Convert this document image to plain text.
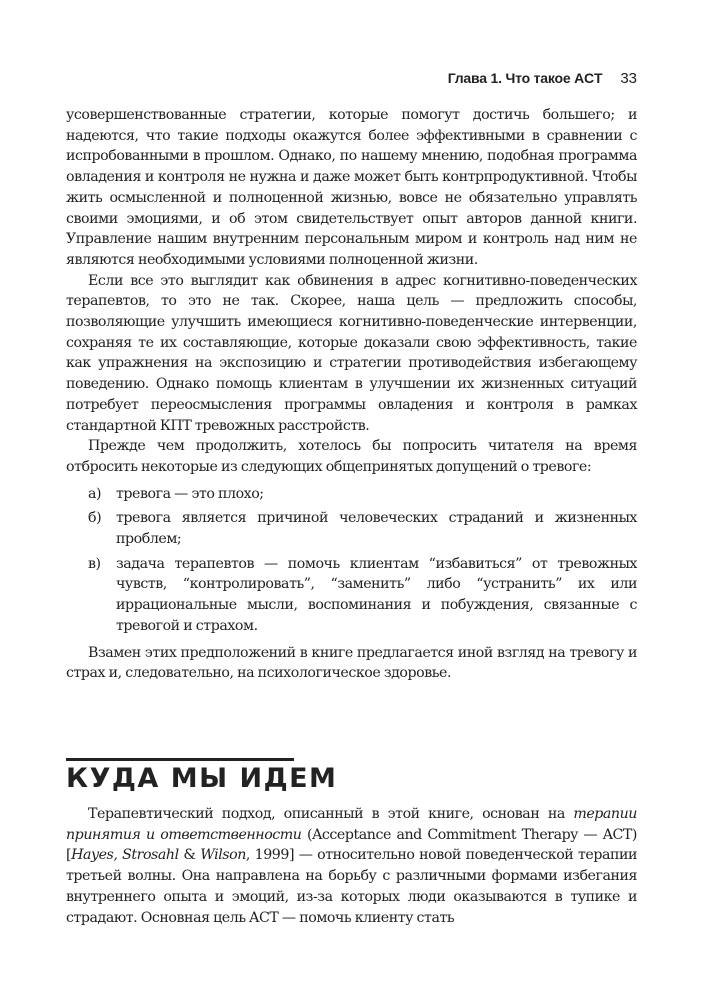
Глава 1. Что такое ACT 33

усовершенствованные стратегии, которые помогут достичь большего; и надеются, что такие подходы окажутся более эффективными в сравнении с испробованными в прошлом. Однако, по нашему мнению, подобная программа овладения и контроля не нужна и даже может быть контрпродуктивной. Чтобы жить осмысленной и полноценной жизнью, вовсе не обязательно управлять своими эмоциями, и об этом свидетельствует опыт авторов данной книги. Управление нашим внутренним персональным миром и контроль над ним не являются необходимыми условиями полноценной жизни.

Если все это выглядит как обвинения в адрес когнитивно-поведенческих терапевтов, то это не так. Скорее, наша цель — предложить способы, позволяющие улучшить имеющиеся когнитивно-поведенческие интервенции, сохраняя те их составляющие, которые доказали свою эффективность, такие как упражнения на экспозицию и стратегии противодействия избегающему поведению. Однако помощь клиентам в улучшении их жизненных ситуаций потребует переосмысления программы овладения и контроля в рамках стандартной КПТ тревожных расстройств.

Прежде чем продолжить, хотелось бы попросить читателя на время отбросить некоторые из следующих общепринятых допущений о тревоге:

а) тревога — это плохо;
б) тревога является причиной человеческих страданий и жизненных проблем;
в) задача терапевтов — помочь клиентам “избавиться” от тревожных чувств, “контролировать”, “заменить” либо “устранить” их или иррациональные мысли, воспоминания и побуждения, связанные с тревогой и страхом.

Взамен этих предположений в книге предлагается иной взгляд на тревогу и страх и, следовательно, на психологическое здоровье.

КУДА МЫ ИДЕМ

Терапевтический подход, описанный в этой книге, основан на терапии принятия и ответственности (Acceptance and Commitment Therapy — ACT) [Hayes, Strosahl & Wilson, 1999] — относительно новой поведенческой терапии третьей волны. Она направлена на борьбу с различными формами избегания внутреннего опыта и эмоций, из-за которых люди оказываются в тупике и страдают. Основная цель ACT — помочь клиенту стать
